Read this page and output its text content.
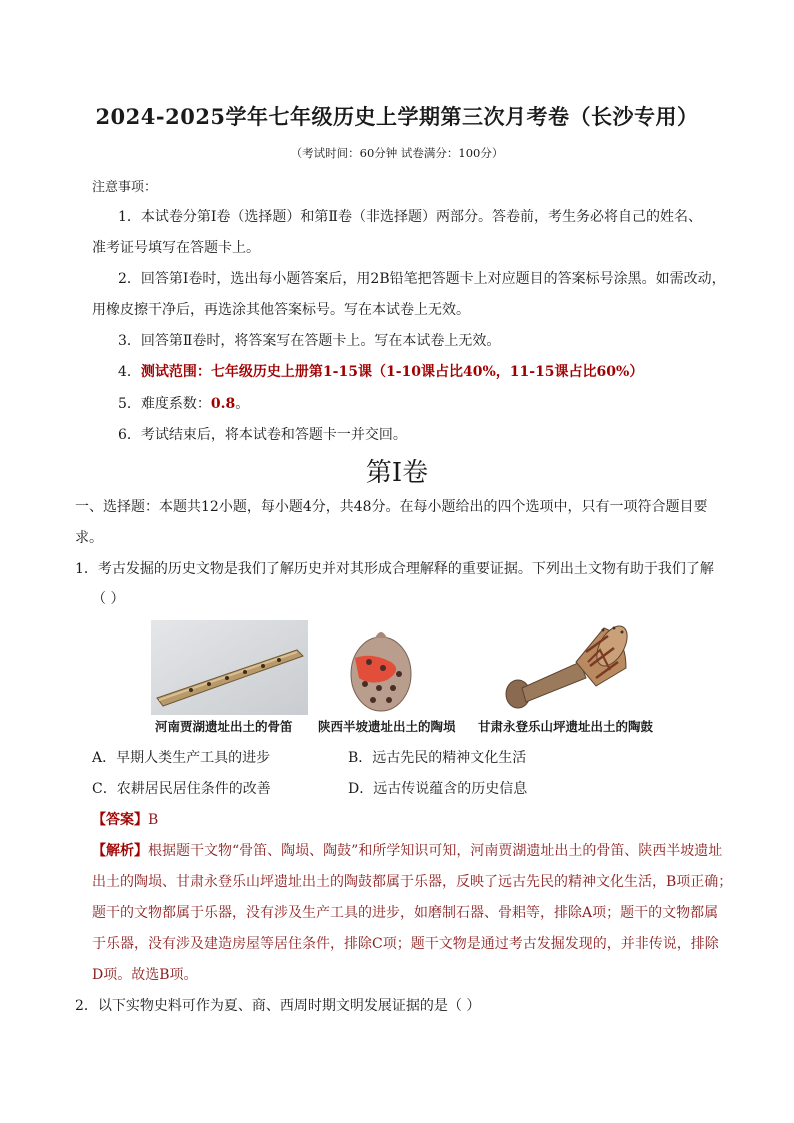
2024-2025学年七年级历史上学期第三次月考卷（长沙专用）
（考试时间：60分钟 试卷满分：100分）
注意事项：
1．本试卷分第Ⅰ卷（选择题）和第Ⅱ卷（非选择题）两部分。答卷前，考生务必将自己的姓名、
准考证号填写在答题卡上。
2．回答第Ⅰ卷时，选出每小题答案后，用2B铅笔把答题卡上对应题目的答案标号涂黑。如需改动，
用橡皮擦干净后，再选涂其他答案标号。写在本试卷上无效。
3．回答第Ⅱ卷时，将答案写在答题卡上。写在本试卷上无效。
4．测试范围：七年级历史上册第1-15课（1-10课占比40%，11-15课占比60%）
5．难度系数：0.8。
6．考试结束后，将本试卷和答题卡一并交回。
第Ⅰ卷
一、选择题：本题共12小题，每小题4分，共48分。在每小题给出的四个选项中，只有一项符合题目要
求。
1．考古发掘的历史文物是我们了解历史并对其形成合理解释的重要证据。下列出土文物有助于我们了解
（ ）
河南贾湖遗址出土的骨笛 陕西半坡遗址出土的陶埙 甘肃永登乐山坪遗址出土的陶鼓
A．早期人类生产工具的进步	B．远古先民的精神文化生活
C．农耕居民居住条件的改善	D．远古传说蕴含的历史信息
【答案】B
【解析】根据题干文物“骨笛、陶埙、陶鼓”和所学知识可知，河南贾湖遗址出土的骨笛、陕西半坡遗址
出土的陶埙、甘肃永登乐山坪遗址出土的陶鼓都属于乐器，反映了远古先民的精神文化生活，B项正确；
题干的文物都属于乐器，没有涉及生产工具的进步，如磨制石器、骨耜等，排除A项；题干的文物都属
于乐器，没有涉及建造房屋等居住条件，排除C项；题干文物是通过考古发掘发现的，并非传说，排除
D项。故选B项。
2．以下实物史料可作为夏、商、西周时期文明发展证据的是（ ）
